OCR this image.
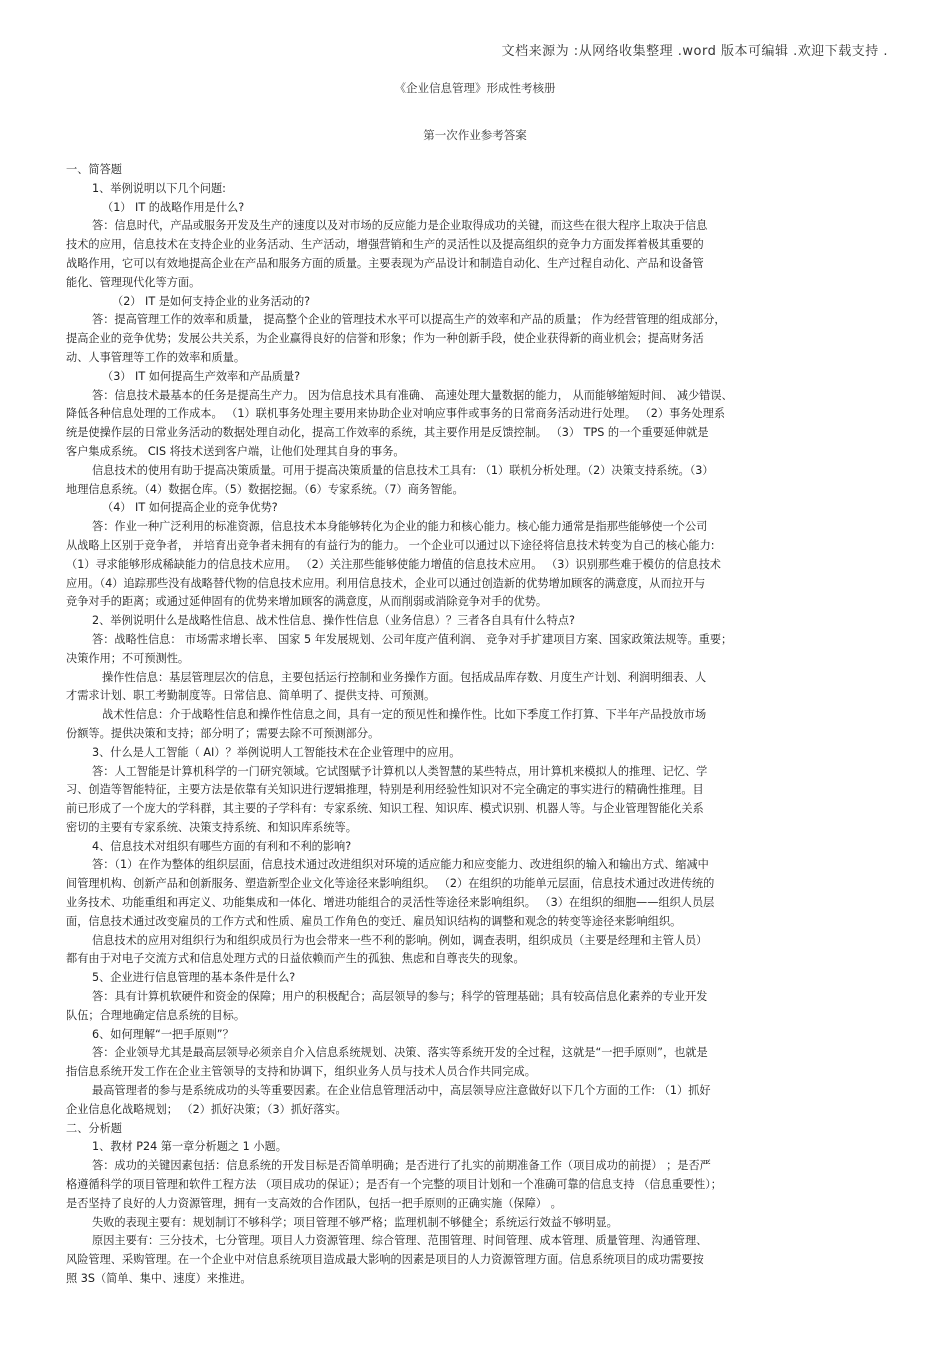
文档来源为 :从网络收集整理 .word 版本可编辑 .欢迎下载支持 .
《企业信息管理》形成性考核册
第一次作业参考答案
一、简答题
1、举例说明以下几个问题:
（1） IT 的战略作用是什么?
答：信息时代，产品或服务开发及生产的速度以及对市场的反应能力是企业取得成功的关键，而这些在很大程序上取决于信息
技术的应用，信息技术在支持企业的业务活动、生产活动，增强营销和生产的灵活性以及提高组织的竞争力方面发挥着极其重要的
战略作用，它可以有效地提高企业在产品和服务方面的质量。主要表现为产品设计和制造自动化、生产过程自动化、产品和设备管
能化、管理现代化等方面。
（2） IT 是如何支持企业的业务活动的?
答：提高管理工作的效率和质量， 提高整个企业的管理技术水平可以提高生产的效率和产品的质量； 作为经营管理的组成部分，
提高企业的竞争优势；发展公共关系，为企业赢得良好的信誉和形象；作为一种创新手段，使企业获得新的商业机会；提高财务活
动、人事管理等工作的效率和质量。
（3） IT 如何提高生产效率和产品质量?
答：信息技术最基本的任务是提高生产力。 因为信息技术具有准确、 高速处理大量数据的能力， 从而能够缩短时间、 减少错误、
降低各种信息处理的工作成本。 （1）联机事务处理主要用来协助企业对响应事件或事务的日常商务活动进行处理。 （2）事务处理系
统是使操作层的日常业务活动的数据处理自动化，提高工作效率的系统，其主要作用是反馈控制。 （3） TPS 的一个重要延伸就是
客户集成系统。 CIS 将技术送到客户端，让他们处理其自身的事务。
信息技术的使用有助于提高决策质量。可用于提高决策质量的信息技术工具有: （1）联机分析处理。（2）决策支持系统。（3）
地理信息系统。（4）数据仓库。（5）数据挖掘。（6）专家系统。（7）商务智能。
（4） IT 如何提高企业的竞争优势?
答：作业一种广泛利用的标准资源，信息技术本身能够转化为企业的能力和核心能力。核心能力通常是指那些能够使一个公司
从战略上区别于竞争者， 并培育出竞争者未拥有的有益行为的能力。 一个企业可以通过以下途径将信息技术转变为自己的核心能力:
（1）寻求能够形成稀缺能力的信息技术应用。 （2）关注那些能够使能力增值的信息技术应用。 （3）识别那些难于模仿的信息技术
应用。（4）追踪那些没有战略替代物的信息技术应用。利用信息技术，企业可以通过创造新的优势增加顾客的满意度，从而拉开与
竞争对手的距离；或通过延伸固有的优势来增加顾客的满意度，从而削弱或消除竞争对手的优势。
2、举例说明什么是战略性信息、战术性信息、操作性信息（业务信息）？三者各自具有什么特点?
答：战略性信息： 市场需求增长率、 国家 5 年发展规划、公司年度产值利润、 竞争对手扩建项目方案、国家政策法规等。重要；
决策作用；不可预测性。
操作性信息：基层管理层次的信息，主要包括运行控制和业务操作方面。包括成品库存数、月度生产计划、利润明细表、人
才需求计划、职工考勤制度等。日常信息、简单明了、提供支持、可预测。
战术性信息：介于战略性信息和操作性信息之间，具有一定的预见性和操作性。比如下季度工作打算、下半年产品投放市场
份额等。提供决策和支持；部分明了；需要去除不可预测部分。
3、什么是人工智能（ AI）？举例说明人工智能技术在企业管理中的应用。
答：人工智能是计算机科学的一门研究领域。它试图赋予计算机以人类智慧的某些特点，用计算机来模拟人的推理、记忆、学
习、创造等智能特征，主要方法是依靠有关知识进行逻辑推理，特别是利用经验性知识对不完全确定的事实进行的精确性推理。目
前已形成了一个庞大的学科群，其主要的子学科有：专家系统、知识工程、知识库、模式识别、机器人等。与企业管理智能化关系
密切的主要有专家系统、决策支持系统、和知识库系统等。
4、信息技术对组织有哪些方面的有利和不利的影响?
答：（1）在作为整体的组织层面，信息技术通过改进组织对环境的适应能力和应变能力、改进组织的输入和输出方式、缩减中
间管理机构、创新产品和创新服务、塑造新型企业文化等途径来影响组织。 （2）在组织的功能单元层面，信息技术通过改进传统的
业务技术、功能重组和再定义、功能集成和一体化、增进功能组合的灵活性等途径来影响组织。 （3）在组织的细胞——组织人员层
面，信息技术通过改变雇员的工作方式和性质、雇员工作角色的变迁、雇员知识结构的调整和观念的转变等途径来影响组织。
信息技术的应用对组织行为和组织成员行为也会带来一些不利的影响。例如，调查表明，组织成员（主要是经理和主管人员）
都有由于对电子交流方式和信息处理方式的日益依赖而产生的孤独、焦虑和自尊丧失的现象。
5、企业进行信息管理的基本条件是什么?
答：具有计算机软硬件和资金的保障；用户的积极配合；高层领导的参与；科学的管理基础；具有较高信息化素养的专业开发
队伍；合理地确定信息系统的目标。
6、如何理解“一把手原则”？
答：企业领导尤其是最高层领导必须亲自介入信息系统规划、决策、落实等系统开发的全过程，这就是“一把手原则”，也就是
指信息系统开发工作在企业主管领导的支持和协调下，组织业务人员与技术人员合作共同完成。
最高管理者的参与是系统成功的头等重要因素。在企业信息管理活动中，高层领导应注意做好以下几个方面的工作: （1）抓好
企业信息化战略规划； （2）抓好决策；（3）抓好落实。
二、分析题
1、教材 P24 第一章分析题之 1 小题。
答：成功的关键因素包括：信息系统的开发目标是否简单明确；是否进行了扎实的前期准备工作（项目成功的前提） ；是否严
格遵循科学的项目管理和软件工程方法 （项目成功的保证）；是否有一个完整的项目计划和一个准确可靠的信息支持 （信息重要性）；
是否坚持了良好的人力资源管理，拥有一支高效的合作团队，包括一把手原则的正确实施（保障） 。
失败的表现主要有：规划制订不够科学；项目管理不够严格；监理机制不够健全；系统运行效益不够明显。
原因主要有：三分技术，七分管理。项目人力资源管理、综合管理、范围管理、时间管理、成本管理、质量管理、沟通管理、
风险管理、采购管理。在一个企业中对信息系统项目造成最大影响的因素是项目的人力资源管理方面。信息系统项目的成功需要按
照 3S（简单、集中、速度）来推进。
